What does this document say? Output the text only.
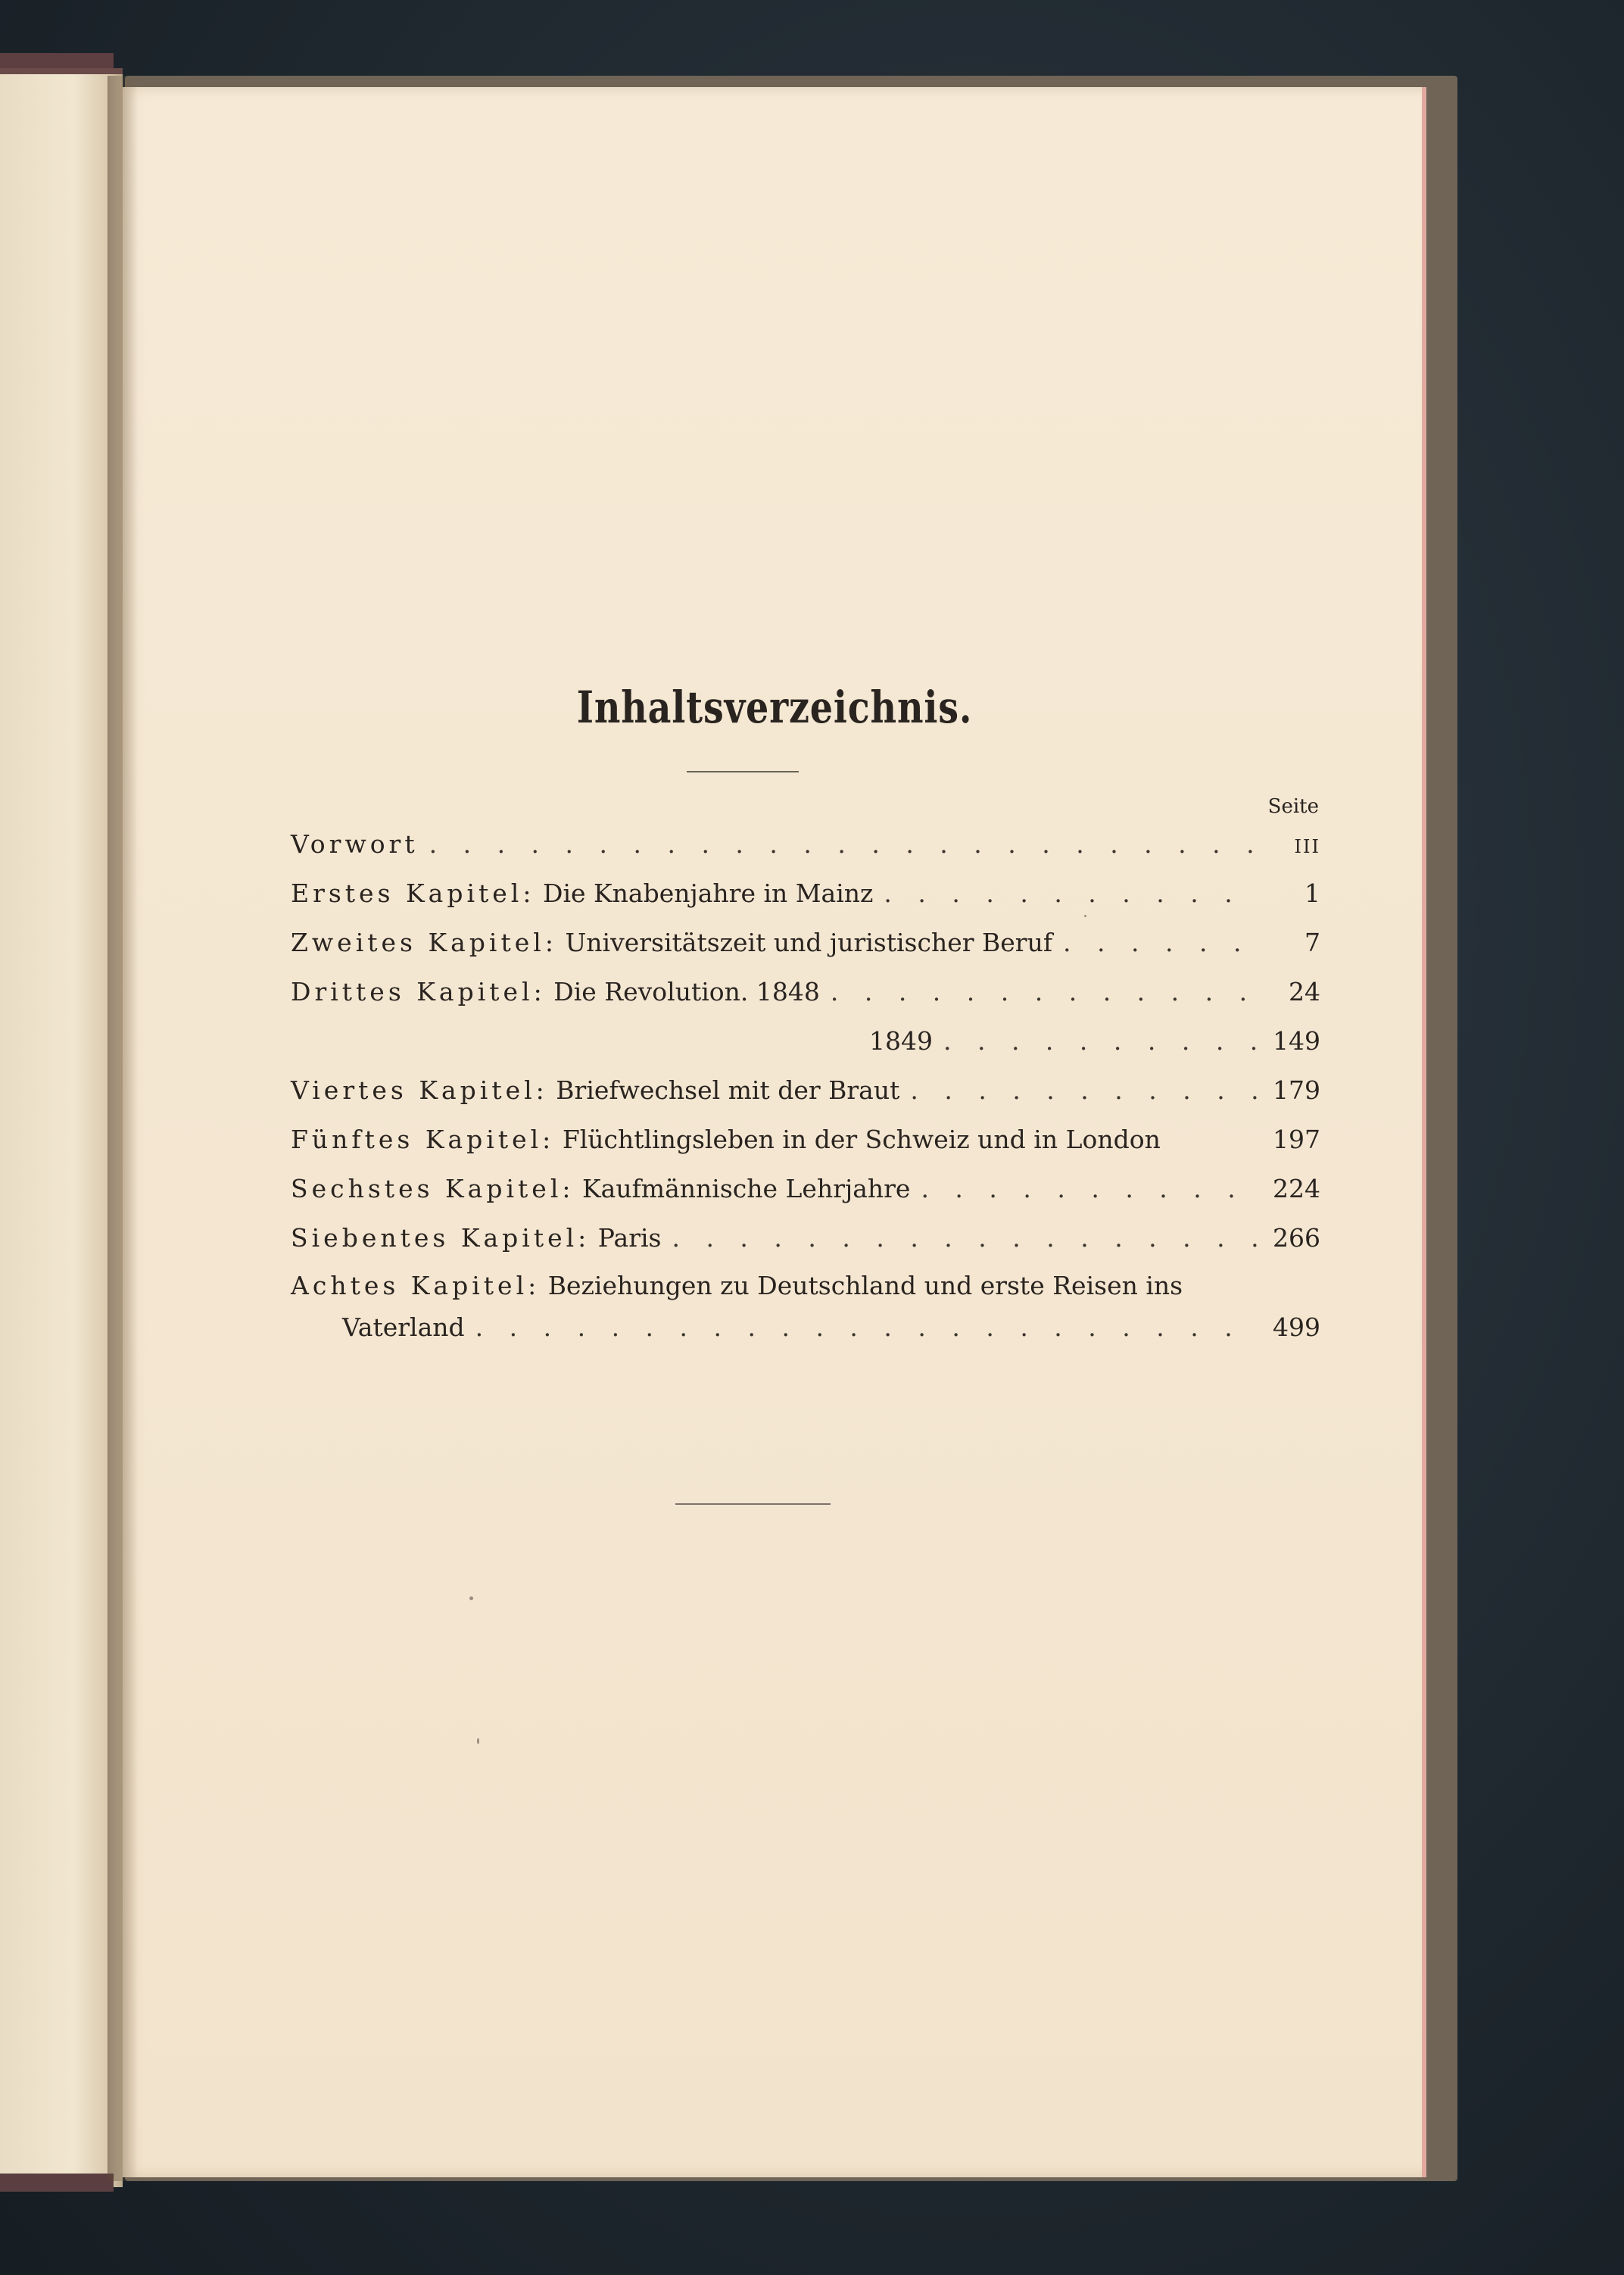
Inhaltsverzeichnis.
Seite
Vorwort . . .	III
Erstes Kapitel: Die Knabenjahre in Mainz . . .	1
Zweites Kapitel: Universitätszeit und juristischer Beruf . . .	7
Drittes Kapitel: Die Revolution. 1848 . . .	24
1849 . . .	149
Viertes Kapitel: Briefwechsel mit der Braut . . .	179
Fünftes Kapitel: Flüchtlingsleben in der Schweiz und in London	197
Sechstes Kapitel: Kaufmännische Lehrjahre . . .	224
Siebentes Kapitel: Paris . . .	266
Achtes Kapitel: Beziehungen zu Deutschland und erste Reisen ins
Vaterland . . .	499
